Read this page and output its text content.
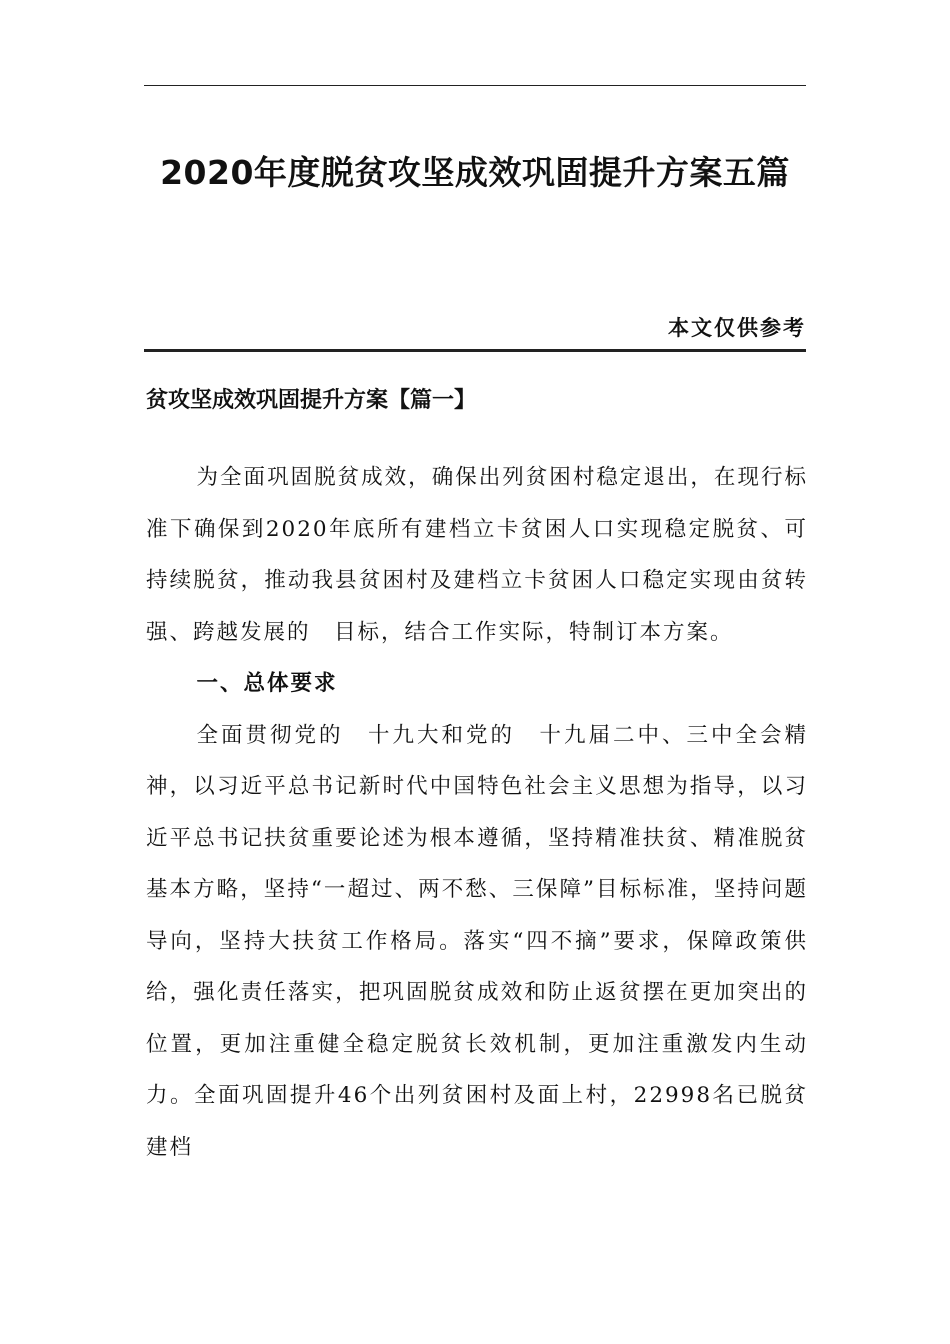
2020年度脱贫攻坚成效巩固提升方案五篇
本文仅供参考
贫攻坚成效巩固提升方案【篇一】

为全面巩固脱贫成效，确保出列贫困村稳定退出，在现行标准下确保到2020年底所有建档立卡贫困人口实现稳定脱贫、可持续脱贫，推动我县贫困村及建档立卡贫困人口稳定实现由贫转强、跨越发展的　目标，结合工作实际，特制订本方案。

一、总体要求

全面贯彻党的　十九大和党的　十九届二中、三中全会精神，以习近平总书记新时代中国特色社会主义思想为指导，以习近平总书记扶贫重要论述为根本遵循，坚持精准扶贫、精准脱贫基本方略，坚持“一超过、两不愁、三保障”目标标准，坚持问题导向，坚持大扶贫工作格局。落实“四不摘”要求，保障政策供给，强化责任落实，把巩固脱贫成效和防止返贫摆在更加突出的　位置，更加注重健全稳定脱贫长效机制，更加注重激发内生动力。全面巩固提升46个出列贫困村及面上村，22998名已脱贫建档
